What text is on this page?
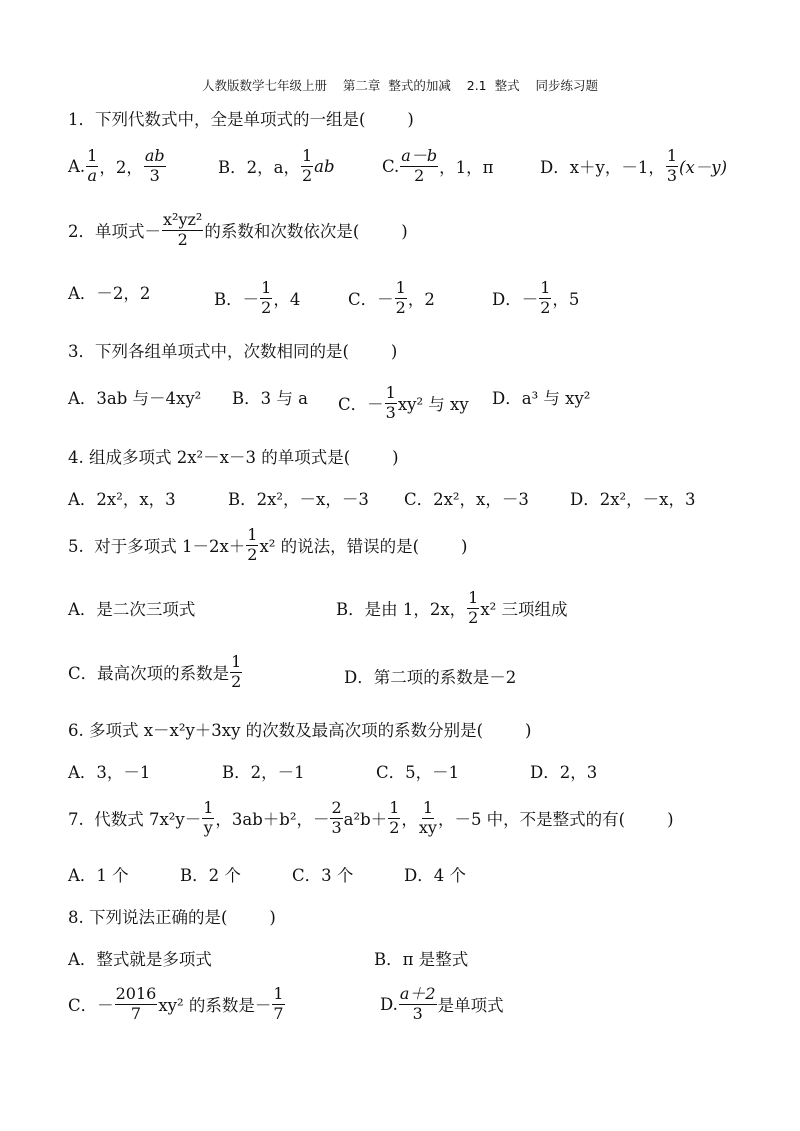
人教版数学七年级上册    第二章  整式的加减    2.1  整式    同步练习题
1．下列代数式中，全是单项式的一组是(        )
A. $\frac{1}{a}$ ，2， $\frac{ab}{3}$	B．2，a， $\frac{1}{2}$ ab	C. $\frac{a-b}{2}$ ，1，π	D．x＋y，－1， $\frac{1}{3} (x-y)$
2．单项式－ $\frac{\text{x²yz²}}{2}$ 的系数和次数依次是(        )
A．－2，2	B．－ $\frac{1}{2}$ ，4	C．－ $\frac{1}{2}$ ，2	D．－ $\frac{1}{2}$ ，5
3．下列各组单项式中，次数相同的是(        )
A．3ab 与－4xy² B．3 与 a C．－ $\frac{1}{3} xy^2$ 与 xy D．a³ 与 xy²
4. 组成多项式 2x²－x－3 的单项式是(        )
A．2x²，x，3	B．2x²，－x，－3 C．2x²，x，－3 D．2x²，－x，3
5.  对于多项式 $1-2x+ \frac{1}{2} x^2$ 的说法，错误的是(        )
A．是二次三项式	B．是由 1，2x， $\frac{1}{2} x^2$ 三项组成
C．最高次项的系数是 $\frac{1}{2}$	D．第二项的系数是－2
6. 多项式 x－x²y＋3xy 的次数及最高次项的系数分别是(        )
A．3，－1	B．2，－1	C．5，－1	D．2，3
7.  代数式 $7x^2y- \frac{1}{y}$ ，3ab＋b²，－ $\frac{2}{3} a^2b+ \frac{1}{2}$ ， $\frac{1}{xy}$ ，－5 中，不是整式的有(        )
A．1 个	B．2 个	C．3 个	D．4 个
8. 下列说法正确的是(        )
A．整式就是多项式	B．π 是整式
C．－ $\frac{2016}{7} xy^2$ 的系数是－ $\frac{1}{7}$	D. $\frac{a+2}{3}$ 是单项式
